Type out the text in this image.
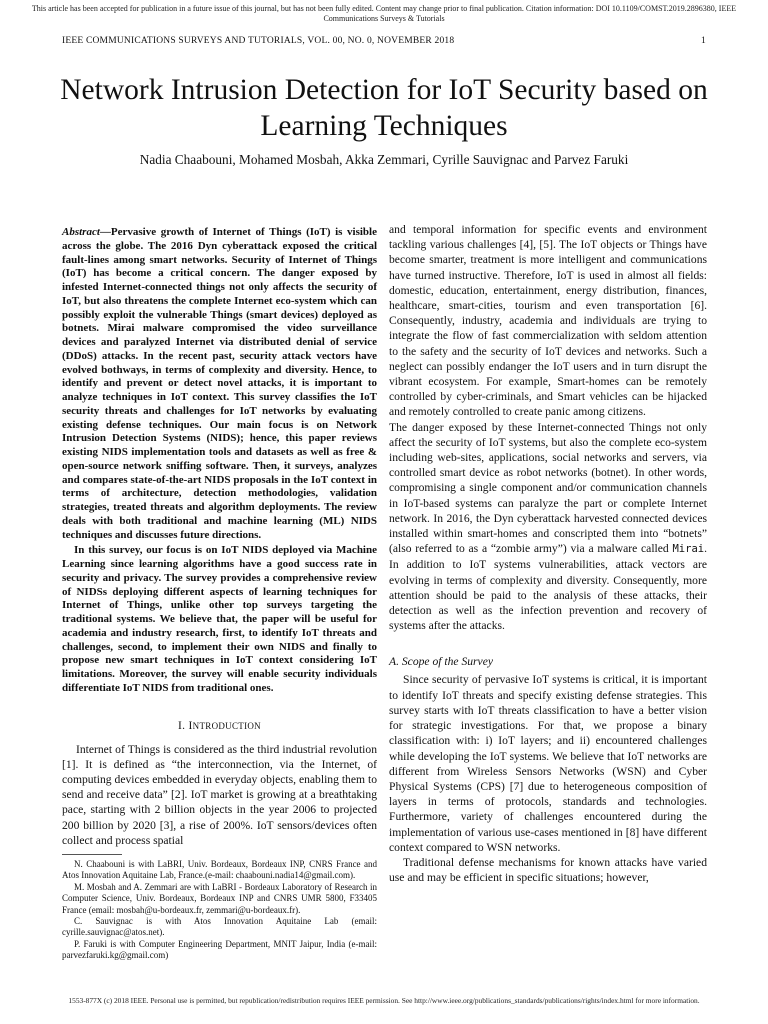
This article has been accepted for publication in a future issue of this journal, but has not been fully edited. Content may change prior to final publication. Citation information: DOI 10.1109/COMST.2019.2896380, IEEE Communications Surveys & Tutorials
IEEE COMMUNICATIONS SURVEYS AND TUTORIALS, VOL. 00, NO. 0, NOVEMBER 2018	1
Network Intrusion Detection for IoT Security based on Learning Techniques
Nadia Chaabouni, Mohamed Mosbah, Akka Zemmari, Cyrille Sauvignac and Parvez Faruki

Abstract—Pervasive growth of Internet of Things (IoT) is visible across the globe. The 2016 Dyn cyberattack exposed the critical fault-lines among smart networks. Security of Internet of Things (IoT) has become a critical concern. The danger exposed by infested Internet-connected things not only affects the security of IoT, but also threatens the complete Internet eco-system which can possibly exploit the vulnerable Things (smart devices) deployed as botnets. Mirai malware compromised the video surveillance devices and paralyzed Internet via distributed denial of service (DDoS) attacks. In the recent past, security attack vectors have evolved bothways, in terms of complexity and diversity. Hence, to identify and prevent or detect novel attacks, it is important to analyze techniques in IoT context. This survey classifies the IoT security threats and challenges for IoT networks by evaluating existing defense techniques. Our main focus is on Network Intrusion Detection Systems (NIDS); hence, this paper reviews existing NIDS implementation tools and datasets as well as free & open-source network sniffing software. Then, it surveys, analyzes and compares state-of-the-art NIDS proposals in the IoT context in terms of architecture, detection methodologies, validation strategies, treated threats and algorithm deployments. The review deals with both traditional and machine learning (ML) NIDS techniques and discusses future directions.

In this survey, our focus is on IoT NIDS deployed via Machine Learning since learning algorithms have a good success rate in security and privacy. The survey provides a comprehensive review of NIDSs deploying different aspects of learning techniques for Internet of Things, unlike other top surveys targeting the traditional systems. We believe that, the paper will be useful for academia and industry research, first, to identify IoT threats and challenges, second, to implement their own NIDS and finally to propose new smart techniques in IoT context considering IoT limitations. Moreover, the survey will enable security individuals differentiate IoT NIDS from traditional ones.

I. INTRODUCTION

Internet of Things is considered as the third industrial revolution [1]. It is defined as “the interconnection, via the Internet, of computing devices embedded in everyday objects, enabling them to send and receive data” [2]. IoT market is growing at a breathtaking pace, starting with 2 billion objects in the year 2006 to projected 200 billion by 2020 [3], a rise of 200%. IoT sensors/devices often collect and process spatial

N. Chaabouni is with LaBRI, Univ. Bordeaux, Bordeaux INP, CNRS France and Atos Innovation Aquitaine Lab, France.(e-mail: chaabouni.nadia14@gmail.com).

M. Mosbah and A. Zemmari are with LaBRI - Bordeaux Laboratory of Research in Computer Science, Univ. Bordeaux, Bordeaux INP and CNRS UMR 5800, F33405 France (email: mosbah@u-bordeaux.fr, zemmari@u-bordeaux.fr).

C. Sauvignac is with Atos Innovation Aquitaine Lab (email: cyrille.sauvignac@atos.net).

P. Faruki is with Computer Engineering Department, MNIT Jaipur, India (e-mail: parvezfaruki.kg@gmail.com)

and temporal information for specific events and environment tackling various challenges [4], [5]. The IoT objects or Things have become smarter, treatment is more intelligent and communications have turned instructive. Therefore, IoT is used in almost all fields: domestic, education, entertainment, energy distribution, finances, healthcare, smart-cities, tourism and even transportation [6]. Consequently, industry, academia and individuals are trying to integrate the flow of fast commercialization with seldom attention to the safety and the security of IoT devices and networks. Such a neglect can possibly endanger the IoT users and in turn disrupt the vibrant ecosystem. For example, Smart-homes can be remotely controlled by cyber-criminals, and Smart vehicles can be hijacked and remotely controlled to create panic among citizens.

The danger exposed by these Internet-connected Things not only affect the security of IoT systems, but also the complete eco-system including web-sites, applications, social networks and servers, via controlled smart device as robot networks (botnet). In other words, compromising a single component and/or communication channels in IoT-based systems can paralyze the part or complete Internet network. In 2016, the Dyn cyberattack harvested connected devices installed within smart-homes and conscripted them into “botnets” (also referred to as a “zombie army”) via a malware called Mirai. In addition to IoT systems vulnerabilities, attack vectors are evolving in terms of complexity and diversity. Consequently, more attention should be paid to the analysis of these attacks, their detection as well as the infection prevention and recovery of systems after the attacks.

A. Scope of the Survey

Since security of pervasive IoT systems is critical, it is important to identify IoT threats and specify existing defense strategies. This survey starts with IoT threats classification to have a better vision for strategic investigations. For that, we propose a binary classification with: i) IoT layers; and ii) encountered challenges while developing the IoT systems. We believe that IoT networks are different from Wireless Sensors Networks (WSN) and Cyber Physical Systems (CPS) [7] due to heterogeneous composition of layers in terms of protocols, standards and technologies. Furthermore, variety of challenges encountered during the implementation of various use-cases mentioned in [8] have different context compared to WSN networks.

Traditional defense mechanisms for known attacks have varied use and may be efficient in specific situations; however,

1553-877X (c) 2018 IEEE. Personal use is permitted, but republication/redistribution requires IEEE permission. See http://www.ieee.org/publications_standards/publications/rights/index.html for more information.
